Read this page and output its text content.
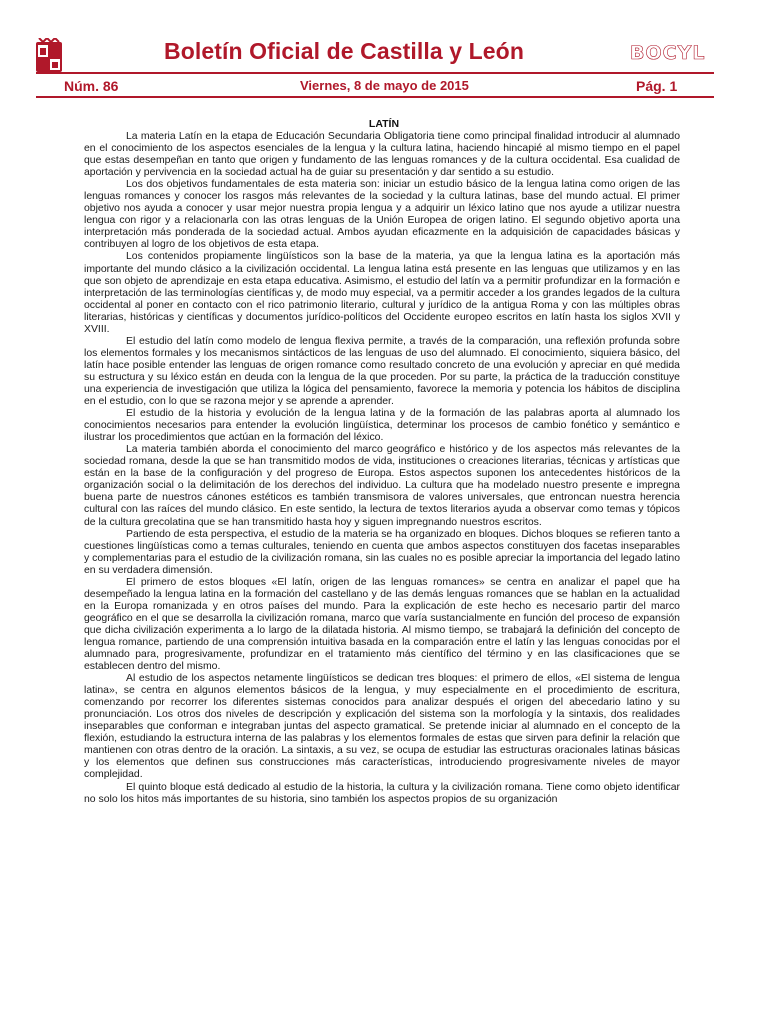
Boletín Oficial de Castilla y León	BOCYL
Núm. 86	Viernes, 8 de mayo de 2015	Pág. 1
LATÍN

La materia Latín en la etapa de Educación Secundaria Obligatoria tiene como principal finalidad introducir al alumnado en el conocimiento de los aspectos esenciales de la lengua y la cultura latina, haciendo hincapié al mismo tiempo en el papel que estas desempeñan en tanto que origen y fundamento de las lenguas romances y de la cultura occidental. Esa cualidad de aportación y pervivencia en la sociedad actual ha de guiar su presentación y dar sentido a su estudio.

Los dos objetivos fundamentales de esta materia son: iniciar un estudio básico de la lengua latina como origen de las lenguas romances y conocer los rasgos más relevantes de la sociedad y la cultura latinas, base del mundo actual. El primer objetivo nos ayuda a conocer y usar mejor nuestra propia lengua y a adquirir un léxico latino que nos ayude a utilizar nuestra lengua con rigor y a relacionarla con las otras lenguas de la Unión Europea de origen latino. El segundo objetivo aporta una interpretación más ponderada de la sociedad actual. Ambos ayudan eficazmente en la adquisición de capacidades básicas y contribuyen al logro de los objetivos de esta etapa.

Los contenidos propiamente lingüísticos son la base de la materia, ya que la lengua latina es la aportación más importante del mundo clásico a la civilización occidental. La lengua latina está presente en las lenguas que utilizamos y en las que son objeto de aprendizaje en esta etapa educativa. Asimismo, el estudio del latín va a permitir profundizar en la formación e interpretación de las terminologías científicas y, de modo muy especial, va a permitir acceder a los grandes legados de la cultura occidental al poner en contacto con el rico patrimonio literario, cultural y jurídico de la antigua Roma y con las múltiples obras literarias, históricas y científicas y documentos jurídico-políticos del Occidente europeo escritos en latín hasta los siglos XVII y XVIII.

El estudio del latín como modelo de lengua flexiva permite, a través de la comparación, una reflexión profunda sobre los elementos formales y los mecanismos sintácticos de las lenguas de uso del alumnado. El conocimiento, siquiera básico, del latín hace posible entender las lenguas de origen romance como resultado concreto de una evolución y apreciar en qué medida su estructura y su léxico están en deuda con la lengua de la que proceden. Por su parte, la práctica de la traducción constituye una experiencia de investigación que utiliza la lógica del pensamiento, favorece la memoria y potencia los hábitos de disciplina en el estudio, con lo que se razona mejor y se aprende a aprender.

El estudio de la historia y evolución de la lengua latina y de la formación de las palabras aporta al alumnado los conocimientos necesarios para entender la evolución lingüística, determinar los procesos de cambio fonético y semántico e ilustrar los procedimientos que actúan en la formación del léxico.

La materia también aborda el conocimiento del marco geográfico e histórico y de los aspectos más relevantes de la sociedad romana, desde la que se han transmitido modos de vida, instituciones o creaciones literarias, técnicas y artísticas que están en la base de la configuración y del progreso de Europa. Estos aspectos suponen los antecedentes históricos de la organización social o la delimitación de los derechos del individuo. La cultura que ha modelado nuestro presente e impregna buena parte de nuestros cánones estéticos es también transmisora de valores universales, que entroncan nuestra herencia cultural con las raíces del mundo clásico. En este sentido, la lectura de textos literarios ayuda a observar como temas y tópicos de la cultura grecolatina que se han transmitido hasta hoy y siguen impregnando nuestros escritos.

Partiendo de esta perspectiva, el estudio de la materia se ha organizado en bloques. Dichos bloques se refieren tanto a cuestiones lingüísticas como a temas culturales, teniendo en cuenta que ambos aspectos constituyen dos facetas inseparables y complementarias para el estudio de la civilización romana, sin las cuales no es posible apreciar la importancia del legado latino en su verdadera dimensión.

El primero de estos bloques «El latín, origen de las lenguas romances» se centra en analizar el papel que ha desempeñado la lengua latina en la formación del castellano y de las demás lenguas romances que se hablan en la actualidad en la Europa romanizada y en otros países del mundo. Para la explicación de este hecho es necesario partir del marco geográfico en el que se desarrolla la civilización romana, marco que varía sustancialmente en función del proceso de expansión que dicha civilización experimenta a lo largo de la dilatada historia. Al mismo tiempo, se trabajará la definición del concepto de lengua romance, partiendo de una comprensión intuitiva basada en la comparación entre el latín y las lenguas conocidas por el alumnado para, progresivamente, profundizar en el tratamiento más científico del término y en las clasificaciones que se establecen dentro del mismo.

Al estudio de los aspectos netamente lingüísticos se dedican tres bloques: el primero de ellos, «El sistema de lengua latina», se centra en algunos elementos básicos de la lengua, y muy especialmente en el procedimiento de escritura, comenzando por recorrer los diferentes sistemas conocidos para analizar después el origen del abecedario latino y su pronunciación. Los otros dos niveles de descripción y explicación del sistema son la morfología y la sintaxis, dos realidades inseparables que conforman e integraban juntas del aspecto gramatical. Se pretende iniciar al alumnado en el concepto de la flexión, estudiando la estructura interna de las palabras y los elementos formales de estas que sirven para definir la relación que mantienen con otras dentro de la oración. La sintaxis, a su vez, se ocupa de estudiar las estructuras oracionales latinas básicas y los elementos que definen sus construcciones más características, introduciendo progresivamente niveles de mayor complejidad.

El quinto bloque está dedicado al estudio de la historia, la cultura y la civilización romana. Tiene como objeto identificar no solo los hitos más importantes de su historia, sino también los aspectos propios de su organización
